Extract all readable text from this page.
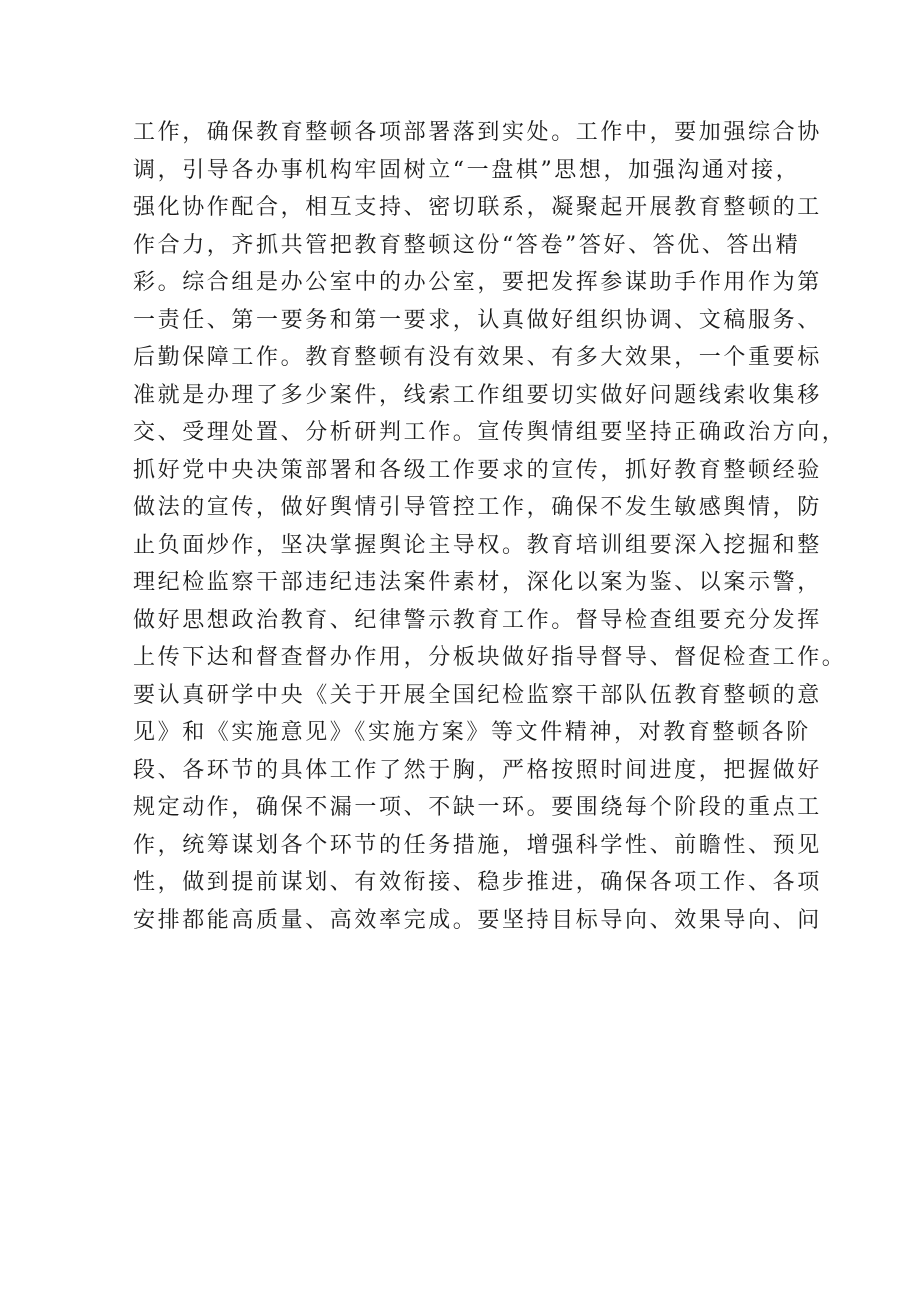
工作，确保教育整顿各项部署落到实处。工作中，要加强综合协
调，引导各办事机构牢固树立“一盘棋”思想，加强沟通对接，
强化协作配合，相互支持、密切联系，凝聚起开展教育整顿的工
作合力，齐抓共管把教育整顿这份“答卷”答好、答优、答出精
彩。综合组是办公室中的办公室，要把发挥参谋助手作用作为第
一责任、第一要务和第一要求，认真做好组织协调、文稿服务、
后勤保障工作。教育整顿有没有效果、有多大效果，一个重要标
准就是办理了多少案件，线索工作组要切实做好问题线索收集移
交、受理处置、分析研判工作。宣传舆情组要坚持正确政治方向，
抓好党中央决策部署和各级工作要求的宣传，抓好教育整顿经验
做法的宣传，做好舆情引导管控工作，确保不发生敏感舆情，防
止负面炒作，坚决掌握舆论主导权。教育培训组要深入挖掘和整
理纪检监察干部违纪违法案件素材，深化以案为鉴、以案示警，
做好思想政治教育、纪律警示教育工作。督导检查组要充分发挥
上传下达和督查督办作用，分板块做好指导督导、督促检查工作。
要认真研学中央《关于开展全国纪检监察干部队伍教育整顿的意
见》和《实施意见》《实施方案》等文件精神，对教育整顿各阶
段、各环节的具体工作了然于胸，严格按照时间进度，把握做好
规定动作，确保不漏一项、不缺一环。要围绕每个阶段的重点工
作，统筹谋划各个环节的任务措施，增强科学性、前瞻性、预见
性，做到提前谋划、有效衔接、稳步推进，确保各项工作、各项
安排都能高质量、高效率完成。要坚持目标导向、效果导向、问
